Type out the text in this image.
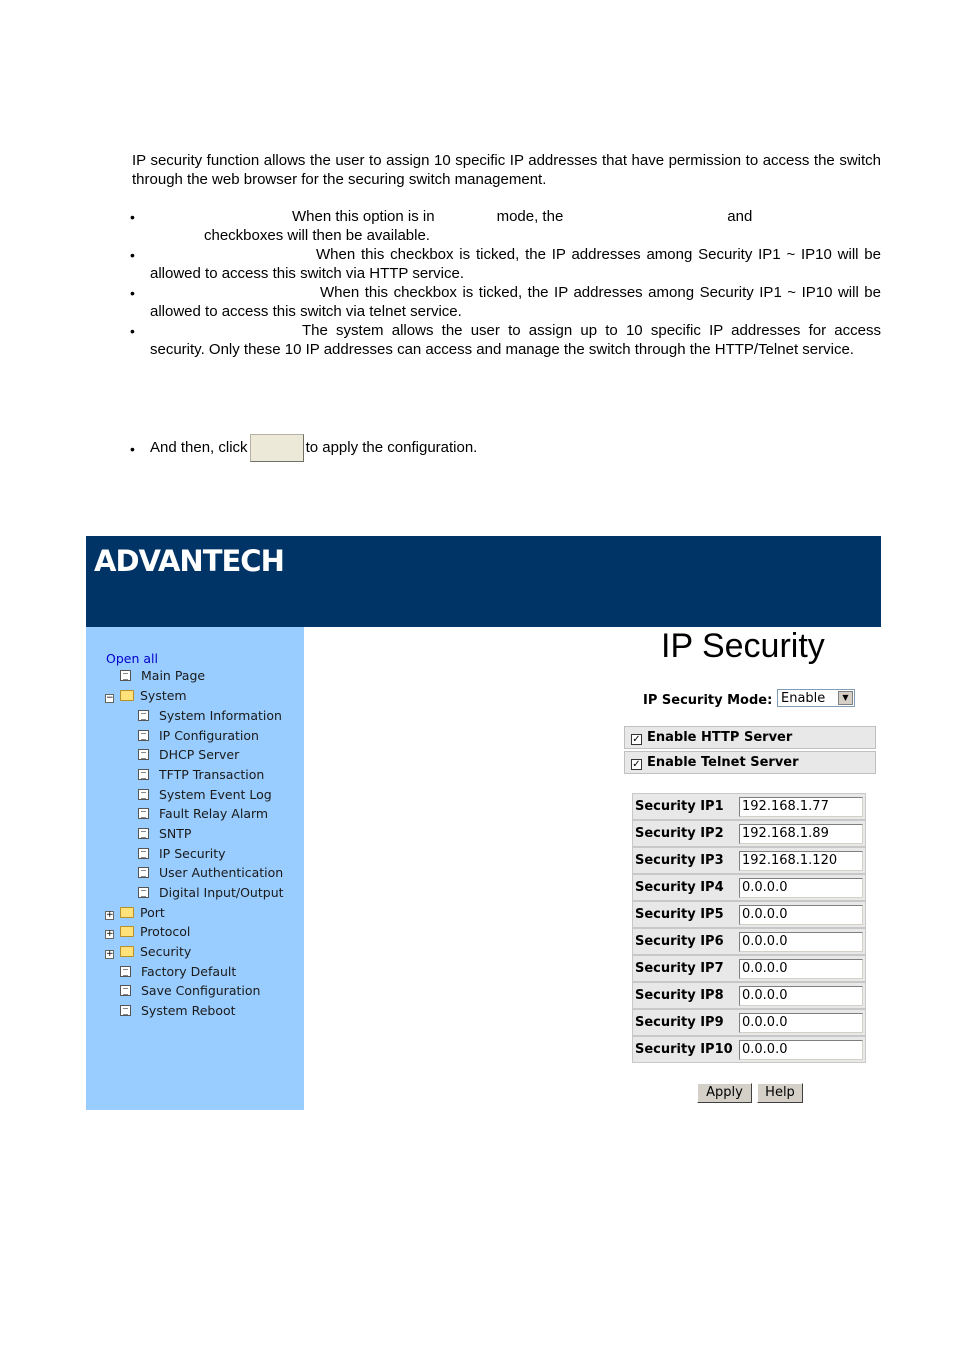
IP security function allows the user to assign 10 specific IP addresses that have permission to access the switch through the web browser for the securing switch management.

•	When this option is in	mode, the	and
checkboxes will then be available.
•	When this checkbox is ticked, the IP addresses among Security IP1 ~ IP10 will be allowed to access this switch via HTTP service.
•	When this checkbox is ticked, the IP addresses among Security IP1 ~ IP10 will be allowed to access this switch via telnet service.
•	The system allows the user to assign up to 10 specific IP addresses for access security. Only these 10 IP addresses can access and manage the switch through the HTTP/Telnet service.
• And then, click	to apply the configuration.
ADVANTECH
Open all
Main Page
− System
System Information
IP Configuration
DHCP Server
TFTP Transaction
System Event Log
Fault Relay Alarm
SNTP
IP Security
User Authentication
Digital Input/Output
+ Port
+ Protocol
+ Security
Factory Default
Save Configuration
System Reboot
IP Security
IP Security Mode: Enable	▼
✓ Enable HTTP Server
✓ Enable Telnet Server
Security IP1 192.168.1.77
Security IP2 192.168.1.89
Security IP3 192.168.1.120
Security IP4 0.0.0.0
Security IP5 0.0.0.0
Security IP6 0.0.0.0
Security IP7 0.0.0.0
Security IP8 0.0.0.0
Security IP9 0.0.0.0
Security IP10 0.0.0.0
Apply	Help
